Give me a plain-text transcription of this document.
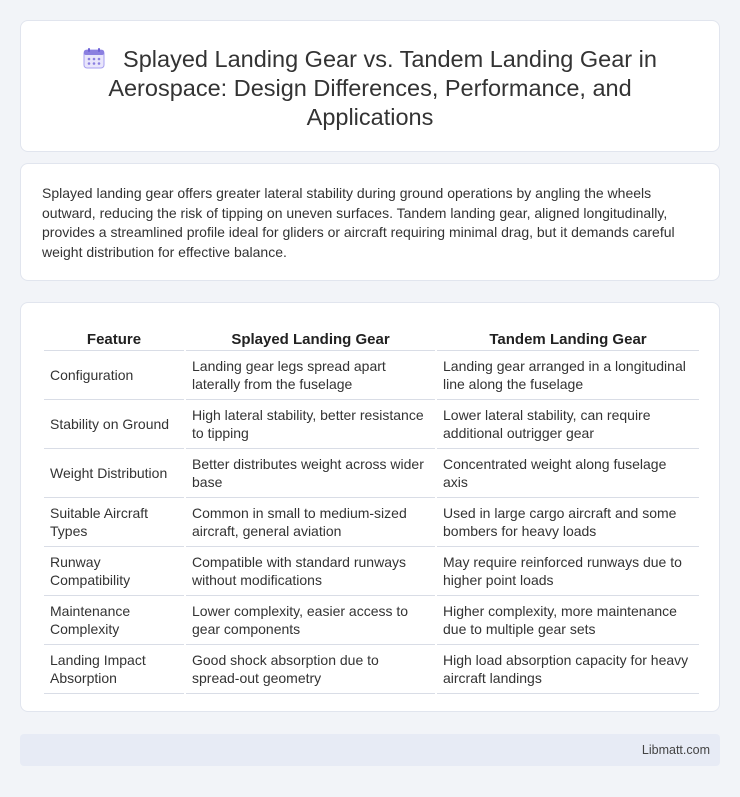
Splayed Landing Gear vs. Tandem Landing Gear in Aerospace: Design Differences, Performance, and Applications

Splayed landing gear offers greater lateral stability during ground operations by angling the wheels outward, reducing the risk of tipping on uneven surfaces. Tandem landing gear, aligned longitudinally, provides a streamlined profile ideal for gliders or aircraft requiring minimal drag, but it demands careful weight distribution for effective balance.

Feature	Splayed Landing Gear	Tandem Landing Gear
Configuration	Landing gear legs spread apart laterally from the fuselage	Landing gear arranged in a longitudinal line along the fuselage
Stability on Ground	High lateral stability, better resistance to tipping	Lower lateral stability, can require additional outrigger gear
Weight Distribution	Better distributes weight across wider base	Concentrated weight along fuselage axis
Suitable Aircraft Types	Common in small to medium-sized aircraft, general aviation	Used in large cargo aircraft and some bombers for heavy loads
Runway Compatibility	Compatible with standard runways without modifications	May require reinforced runways due to higher point loads
Maintenance Complexity	Lower complexity, easier access to gear components	Higher complexity, more maintenance due to multiple gear sets
Landing Impact Absorption	Good shock absorption due to spread-out geometry	High load absorption capacity for heavy aircraft landings
Libmatt.com
